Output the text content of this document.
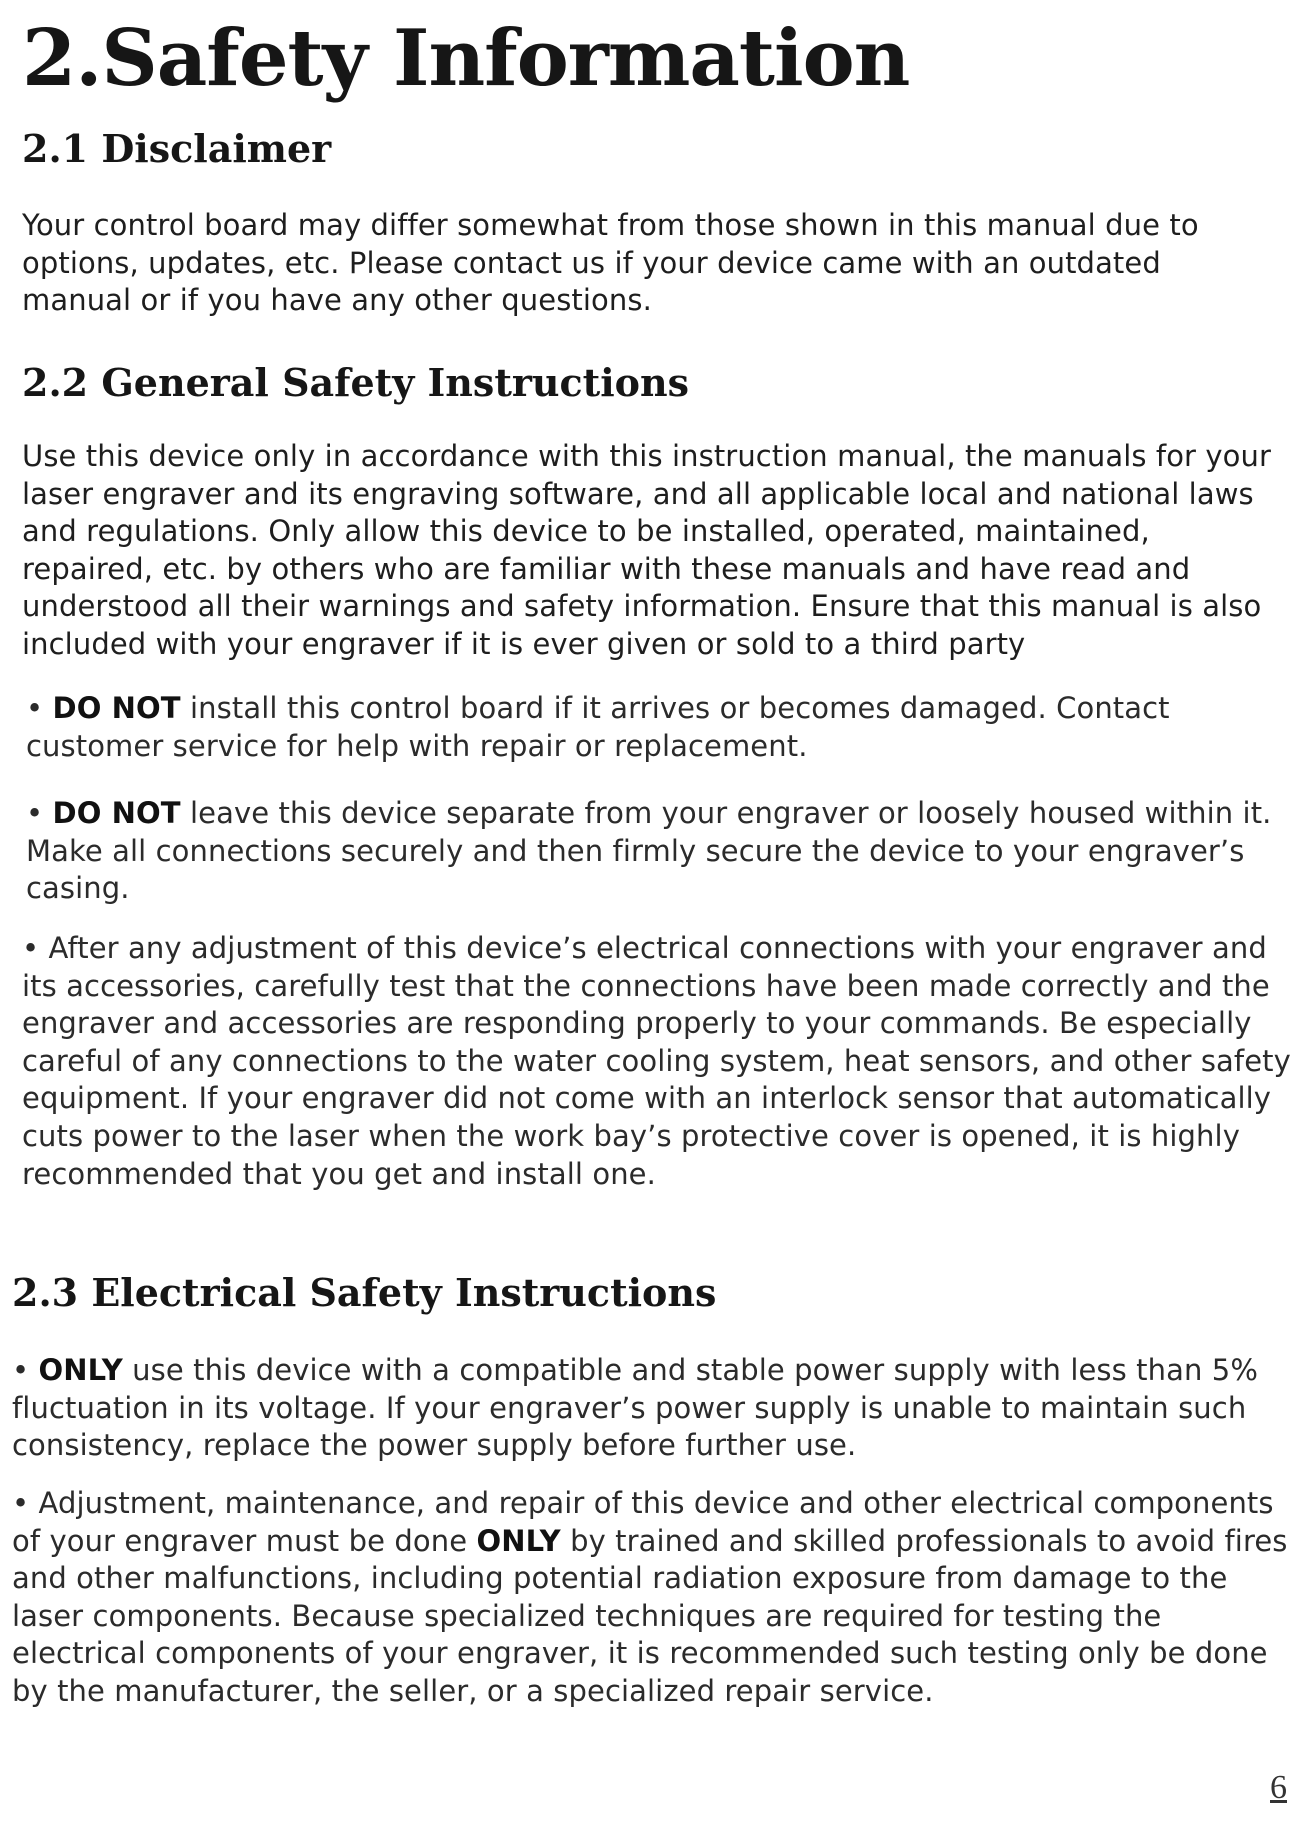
2.Safety Information
2.1 Disclaimer

Your control board may differ somewhat from those shown in this manual due to options, updates, etc. Please contact us if your device came with an outdated manual or if you have any other questions.

2.2 General Safety Instructions

Use this device only in accordance with this instruction manual, the manuals for your laser engraver and its engraving software, and all applicable local and national laws and regulations. Only allow this device to be installed, operated, maintained, repaired, etc. by others who are familiar with these manuals and have read and understood all their warnings and safety information. Ensure that this manual is also included with your engraver if it is ever given or sold to a third party

• DO NOT install this control board if it arrives or becomes damaged. Contact customer service for help with repair or replacement.

• DO NOT leave this device separate from your engraver or loosely housed within it. Make all connections securely and then firmly secure the device to your engraver’s casing.

• After any adjustment of this device’s electrical connections with your engraver and its accessories, carefully test that the connections have been made correctly and the engraver and accessories are responding properly to your commands. Be especially careful of any connections to the water cooling system, heat sensors, and other safety equipment. If your engraver did not come with an interlock sensor that automatically cuts power to the laser when the work bay’s protective cover is opened, it is highly recommended that you get and install one.

2.3 Electrical Safety Instructions

• ONLY use this device with a compatible and stable power supply with less than 5% fluctuation in its voltage. If your engraver’s power supply is unable to maintain such consistency, replace the power supply before further use.

• Adjustment, maintenance, and repair of this device and other electrical components of your engraver must be done ONLY by trained and skilled professionals to avoid fires and other malfunctions, including potential radiation exposure from damage to the laser components. Because specialized techniques are required for testing the electrical components of your engraver, it is recommended such testing only be done by the manufacturer, the seller, or a specialized repair service.

6
